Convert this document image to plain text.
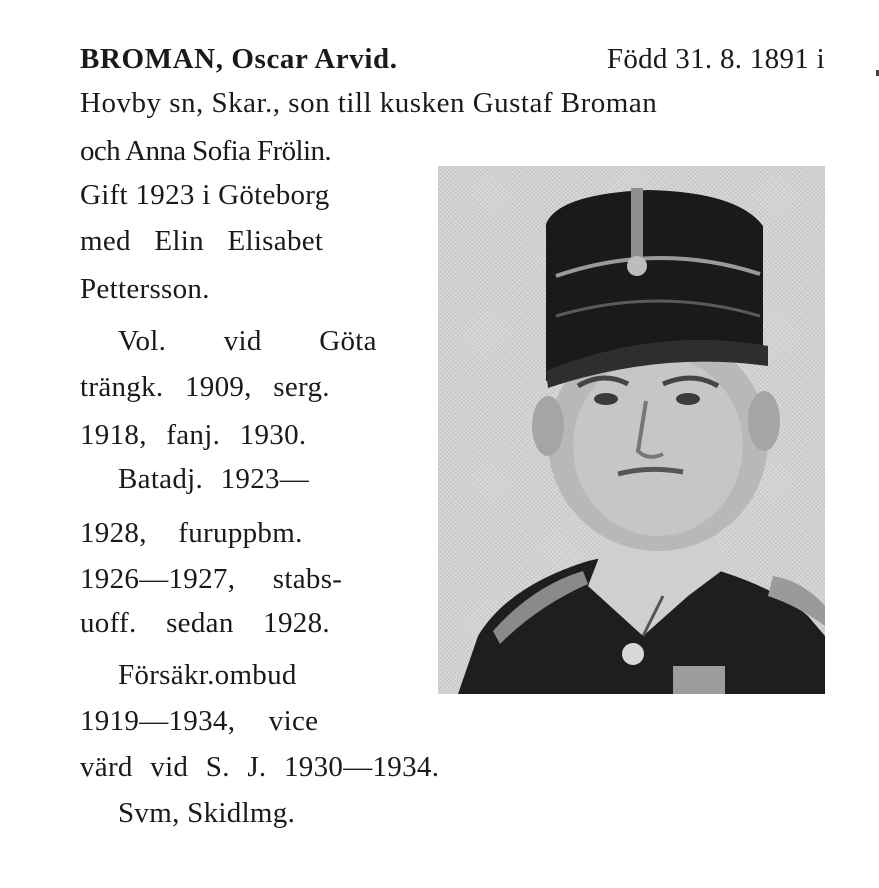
BROMAN, Oscar Arvid.	Född 31. 8. 1891 i
Hovby sn, Skar., son till kusken Gustaf Broman
och Anna Sofia Frölin.
Gift 1923 i Göteborg
med Elin Elisabet
Pettersson.
Vol. vid Göta
trängk. 1909, serg.
1918, fanj. 1930.
Batadj. 1923—
1928, furuppbm.
1926—1927, stabs-
uoff. sedan 1928.
Försäkr.ombud
1919—1934, vice
värd vid S. J. 1930—1934.
Svm, Skidlmg.
